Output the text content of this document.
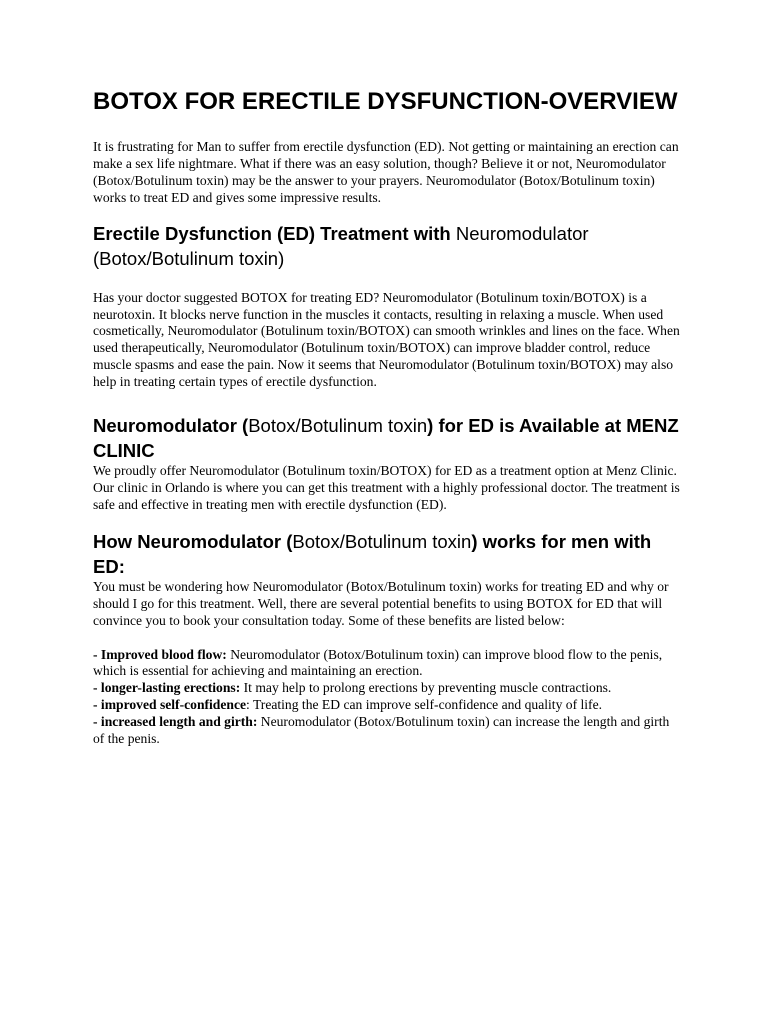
BOTOX FOR ERECTILE DYSFUNCTION-OVERVIEW

It is frustrating for Man to suffer from erectile dysfunction (ED). Not getting or maintaining an erection can make a sex life nightmare. What if there was an easy solution, though? Believe it or not, Neuromodulator (Botox/Botulinum toxin) may be the answer to your prayers. Neuromodulator (Botox/Botulinum toxin) works to treat ED and gives some impressive results.

Erectile Dysfunction (ED) Treatment with Neuromodulator (Botox/Botulinum toxin)

Has your doctor suggested BOTOX for treating ED? Neuromodulator (Botulinum toxin/BOTOX) is a neurotoxin. It blocks nerve function in the muscles it contacts, resulting in relaxing a muscle. When used cosmetically, Neuromodulator (Botulinum toxin/BOTOX) can smooth wrinkles and lines on the face. When used therapeutically, Neuromodulator (Botulinum toxin/BOTOX) can improve bladder control, reduce muscle spasms and ease the pain. Now it seems that Neuromodulator (Botulinum toxin/BOTOX) may also help in treating certain types of erectile dysfunction.

Neuromodulator (Botox/Botulinum toxin) for ED is Available at MENZ CLINIC

We proudly offer Neuromodulator (Botulinum toxin/BOTOX) for ED as a treatment option at Menz Clinic. Our clinic in Orlando is where you can get this treatment with a highly professional doctor. The treatment is safe and effective in treating men with erectile dysfunction (ED).

How Neuromodulator (Botox/Botulinum toxin) works for men with ED:

You must be wondering how Neuromodulator (Botox/Botulinum toxin) works for treating ED and why or should I go for this treatment. Well, there are several potential benefits to using BOTOX for ED that will convince you to book your consultation today. Some of these benefits are listed below:

- Improved blood flow: Neuromodulator (Botox/Botulinum toxin) can improve blood flow to the penis, which is essential for achieving and maintaining an erection.
- longer-lasting erections: It may help to prolong erections by preventing muscle contractions.
- improved self-confidence: Treating the ED can improve self-confidence and quality of life.
- increased length and girth: Neuromodulator (Botox/Botulinum toxin) can increase the length and girth of the penis.
